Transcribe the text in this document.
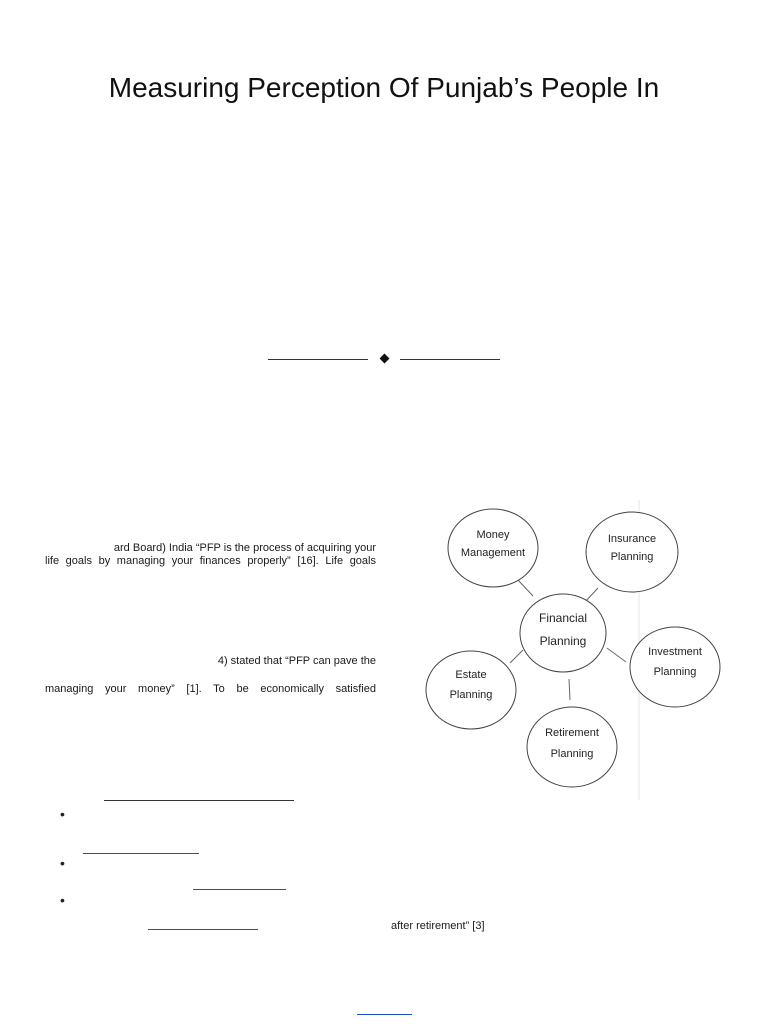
Measuring Perception Of Punjab’s People In
ard Board) India “PFP is the process of acquiring your
life goals by managing your finances properly” [16]. Life goals
4) stated that “PFP can pave the
managing your money” [1]. To be economically satisfied
Money
Management
Insurance
Planning
Financial
Planning
Investment
Planning
Estate
Planning
Retirement
Planning
•
•
•
after retirement” [3]
